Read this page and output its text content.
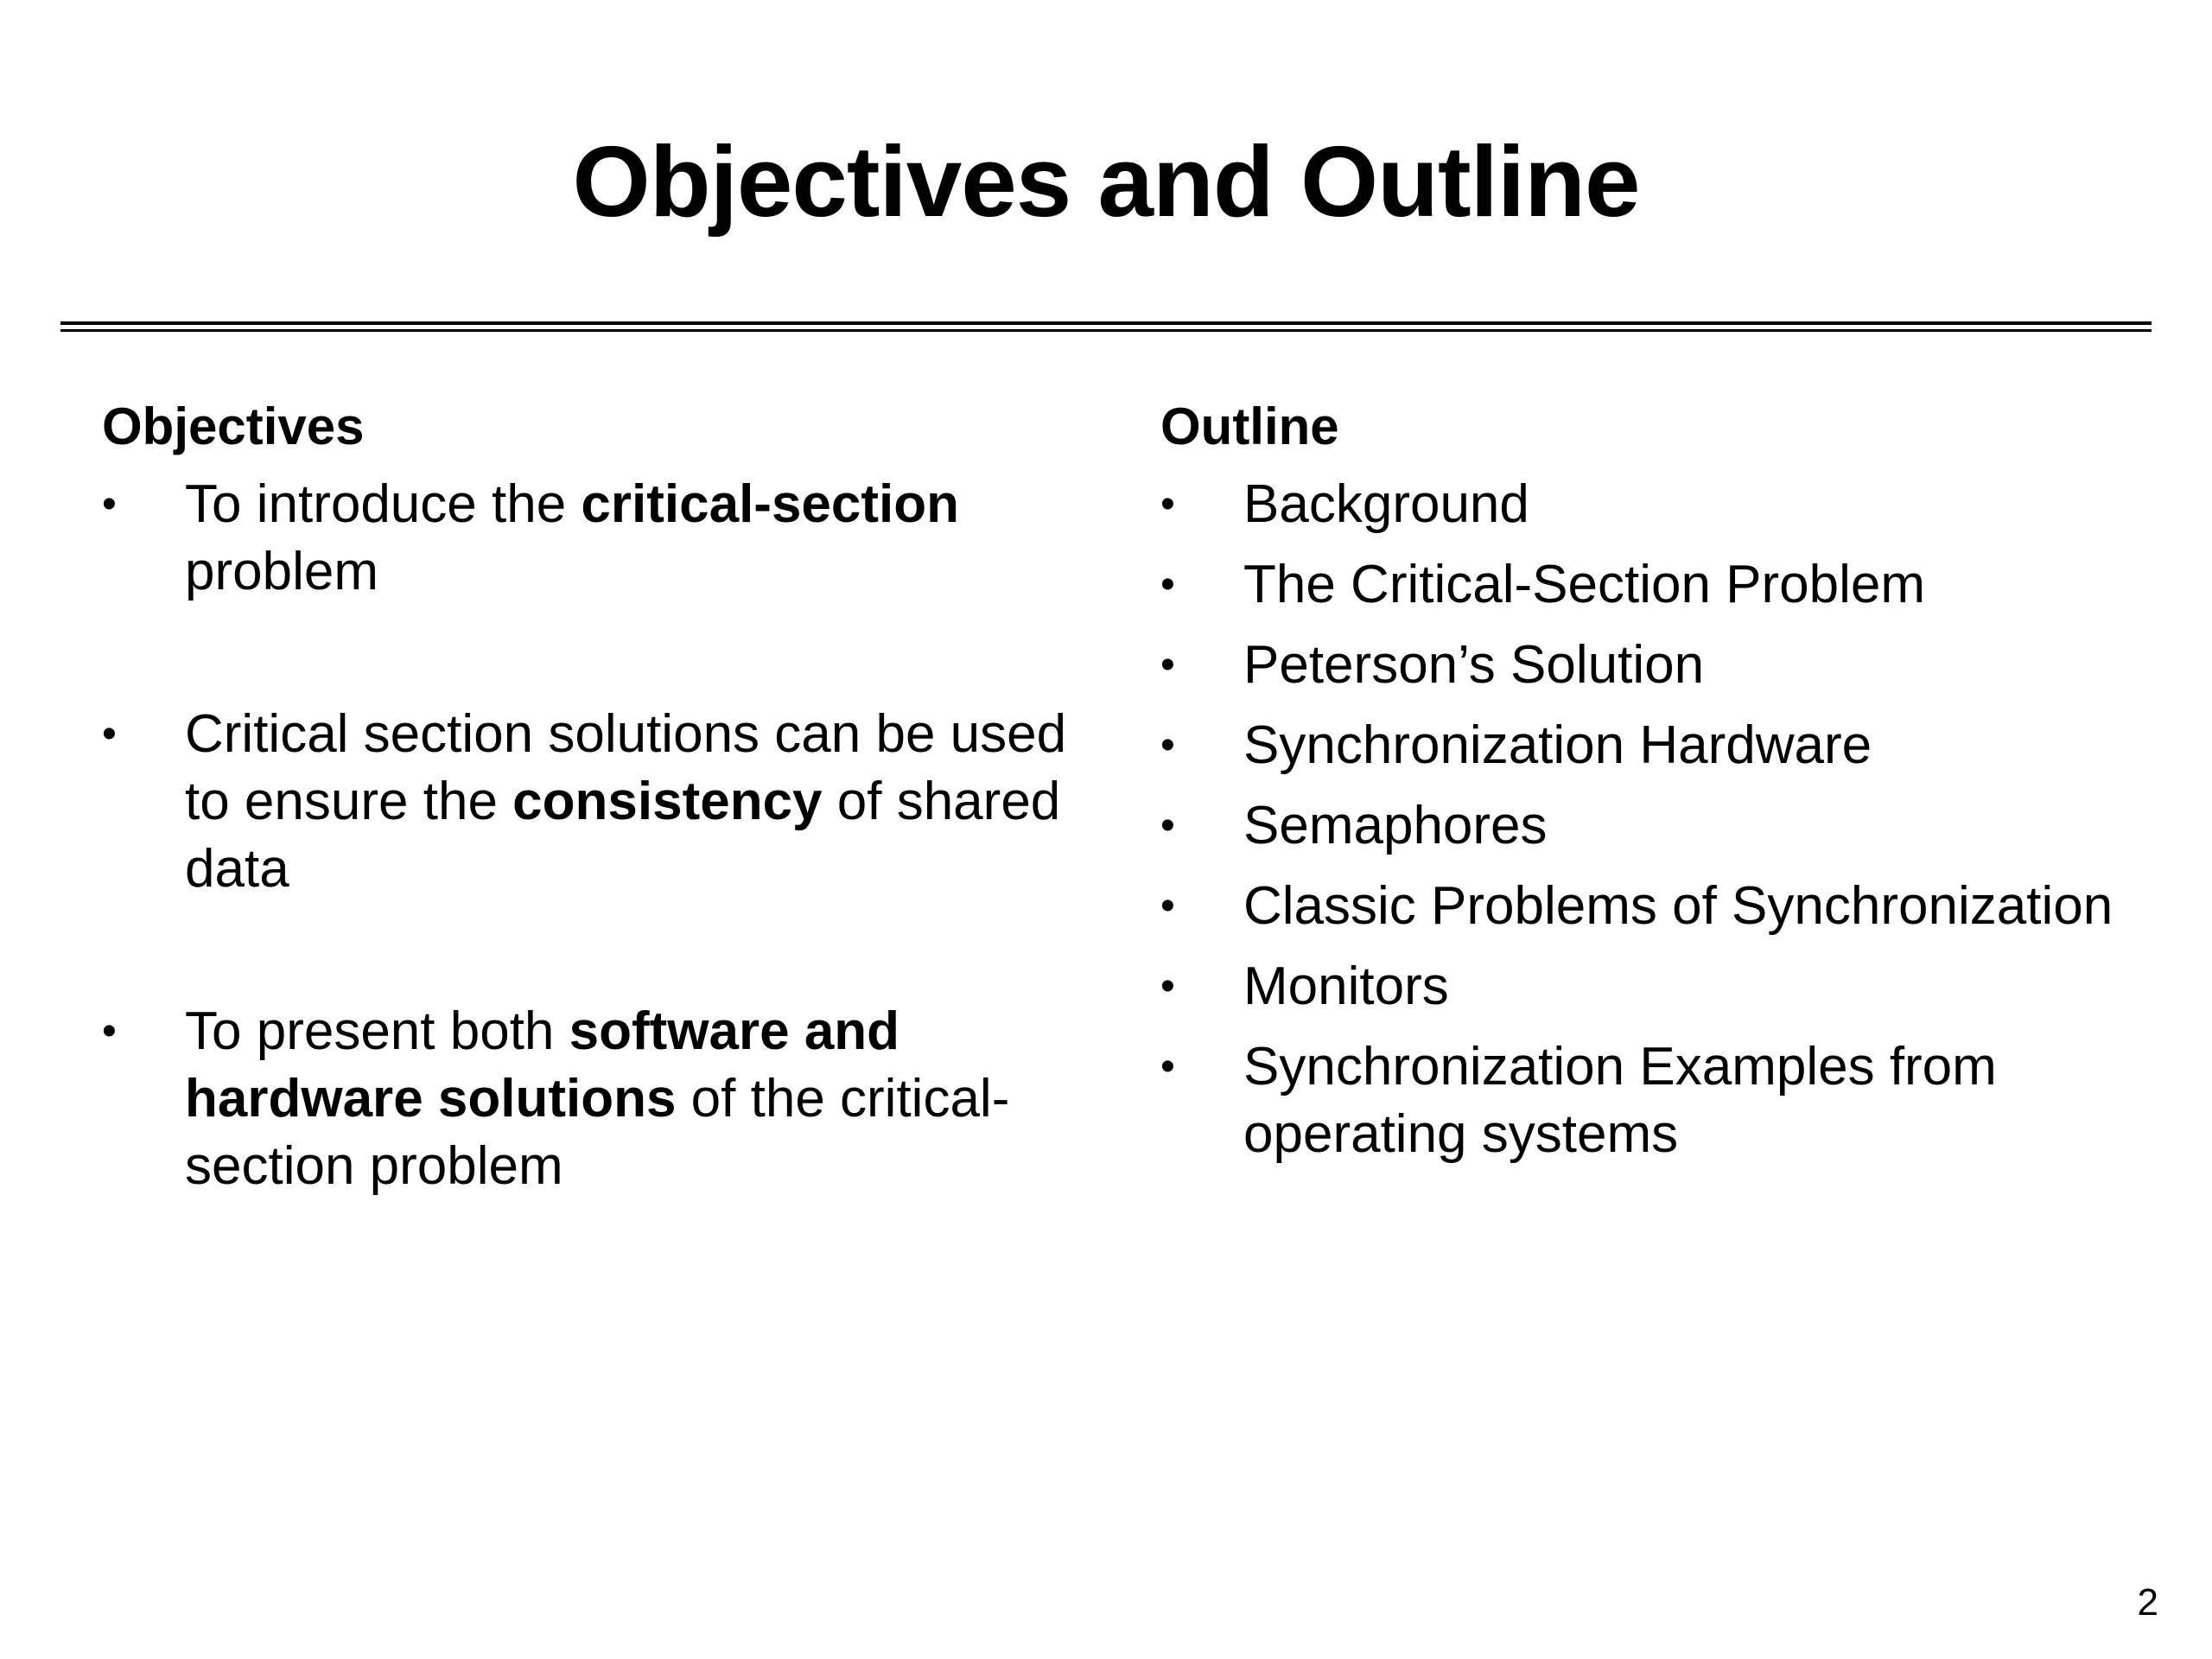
Objectives and Outline
Objectives
•	To introduce the critical-section problem
•	Critical section solutions can be used to ensure the consistency of shared data
•	To present both software and hardware solutions of the critical-section problem
Outline
•	Background
•	The Critical-Section Problem
•	Peterson’s Solution
•	Synchronization Hardware
•	Semaphores
•	Classic Problems of Synchronization
•	Monitors
•	Synchronization Examples from operating systems
2
